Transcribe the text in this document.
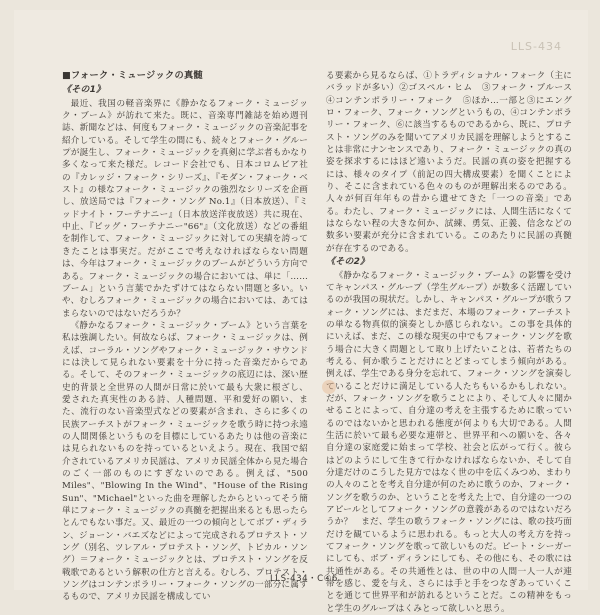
LLS-434
■フォーク・ミュージックの真髄
《その1》

最近、我国の軽音楽界に《静かなるフォーク・ミュージック・ブーム》が訪れて来た。既に、音楽専門雑誌を始め週刊誌、新聞などは、何度もフォーク・ミュージックの音楽記事を紹介している。そして学生の間にも、続々とフォーク・グループが誕生し、フォーク・ミュージックを真剣に学ぶ者もかなり多くなって来た様だ。レコード会社でも、日本コロムビア社の『カレッジ・フォーク・シリーズ』、『モダン・フォーク・ベスト』の様なフォーク・ミュージックの強烈なシリーズを企画し、放送局では『フォーク・ソング No.1』（日本放送）、『ミッドナイト・フーテナニー』（日本放送洋夜放送）共に現在、中止、『ビッグ・フーテナニー"66"』（文化放送）などの番組を制作して、フォーク・ミュージックに対しての実績を誇ってきたことは事実だ。だがここで考えなければならない問題は、今年はフォーク・ミュージックのブームがどういう方向である。フォーク・ミュージックの場合においては、単に「……ブーム」という言葉でかたずけてはならない問題と多い。いや、むしろフォーク・ミュージックの場合においては、あてはまらないのではないだろうか？

《静かなるフォーク・ミュージック・ブーム》という言葉を私は強調したい。何故ならば、フォーク・ミュージックは、例えば、コーラル・ソングやフォーク・ミュージック・サウンドには決して見られない要素を十分に持った音楽だからである。そして、そのフォーク・ミュージックの底辺には、深い歴史的背景と全世界の人間が日常に於いて最も大衆に根ざし、愛された真実性のある詩、人種問題、平和愛好の願い、また、流行のない音楽型式などの要素が含まれ、さらに多くの民族アーチストがフォーク・ミュージックを歌う時に持つ永遠の人間関係というものを目標にしているあたりは他の音楽には見られないものを持っているといえよう。現在、我国で紹介されているアメリカ民謡は、アメリカ民謡全体から見た場合のごく一部のものにすぎないのである。例えば、"500 Miles"、"Blowing In the Wind"、"House of the Rising Sun"、"Michael"といった曲を理解したからといってそう簡単にフォーク・ミュージックの真髄を把握出来るとも思ったらとんでもない事だ。又、最近の一つの傾向としてボブ・ディラン、ジョーン・バエズなどによって完成されるプロテスト・ソング（別名、ツレアル・プロテスト・ソング、トピカル・ソング）＝フォーク・ミュージックとは、プロテスト・ソングを反戦歌であるという解釈の仕方と言える。むしろ、プロテスト・ソングはコンテンポラリー・フォーク・ソングの一部分に属するもので、アメリカ民謡を構成してい

る要素から見るならば、①トラディショナル・フォーク（主にバラッドが多い）②ゴスペル・ヒム　③フォーク・ブルース　④コンテンポラリー・フォーク　⑤ほか…一部と③にエングロ・フォーク、フォーク・ソングというもの、④コンテンポラリー・フォーク、⑥に該当するものであるから、既に、プロテスト・ソングのみを聞いてアメリカ民謡を理解しようとすることは非常にナンセンスであり、フォーク・ミュージックの真の姿を探求するにはほど遠いようだ。民謡の真の姿を把握するには、様々のタイプ（前記の四大構成要素）を聞くことにより、そこに含まれている色々のものが理解出来るのである。人々が何百年年もの昔から遺せてきた「一つの音楽」である。わたし、フォーク・ミュージックには、人間生活になくてはならない程の大きな何か、試練、勇気、正義、信念などの数多い要素が充分に含まれている。このあたりに民謡の真髄が存在するのである。

《その2》

《静かなるフォーク・ミュージック・ブーム》の影響を受けてキャンパス・グループ（学生グループ）が数多く活躍しているのが我国の現状だ。しかし、キャンパス・グループが歌うフォーク・ソングには、まだまだ、本場のフォーク・アーチストの単なる物真似的演奏としか感じられない。この事を具体的にいえば、まだ、この様な現実の中でもフォーク・ソングを歌う場合に大きく問題として取り上げたいことは、若者たちの考える、何か歌うことだけにとどまってしまう傾向がある。例えば、学生である身分を忘れて、フォーク・ソングを演奏していることだけに満足している人たちもいるかもしれない。だが、フォーク・ソングを歌うことにより、そして人々に聞かせることによって、自分達の考えを主張するために歌っているのではないかと思われる態度が何よりも大切である。人間生活に於いて最も必要な連帯と、世界平和への願いを、各々自分達の家庭愛に始まって学校、社会と広がって行く。彼らはどのようにして生きて行かなければならないか、そして自分達だけのこうした見方ではなく世の中を広くみつめ、まわりの人々のことを考え自分達が何のために歌うのか、フォーク・ソングを歌うのか、ということを考えた上で、自分達の一つのアピールとしてフォーク・ソングの意義があるのではないだろうか？　まだ、学生の歌うフォーク・ソングには、歌の技巧面だけを観ているように思われる。もっと大人の考え方を持ってフォーク・ソングを歌って欲しいものだ。ピート・シーガーにしても、ボブ・ディランにしても、その他にも、その歌には共通性がある。その共通性とは、世の中の人間一人一人が連帯を感じ、愛を与え、さらには手と手をつなぎあっていくことを通じて世界平和が訪れるということだ。この精神をもっと学生のグループはくみとって欲しいと思う。

LLS-434・C④6
